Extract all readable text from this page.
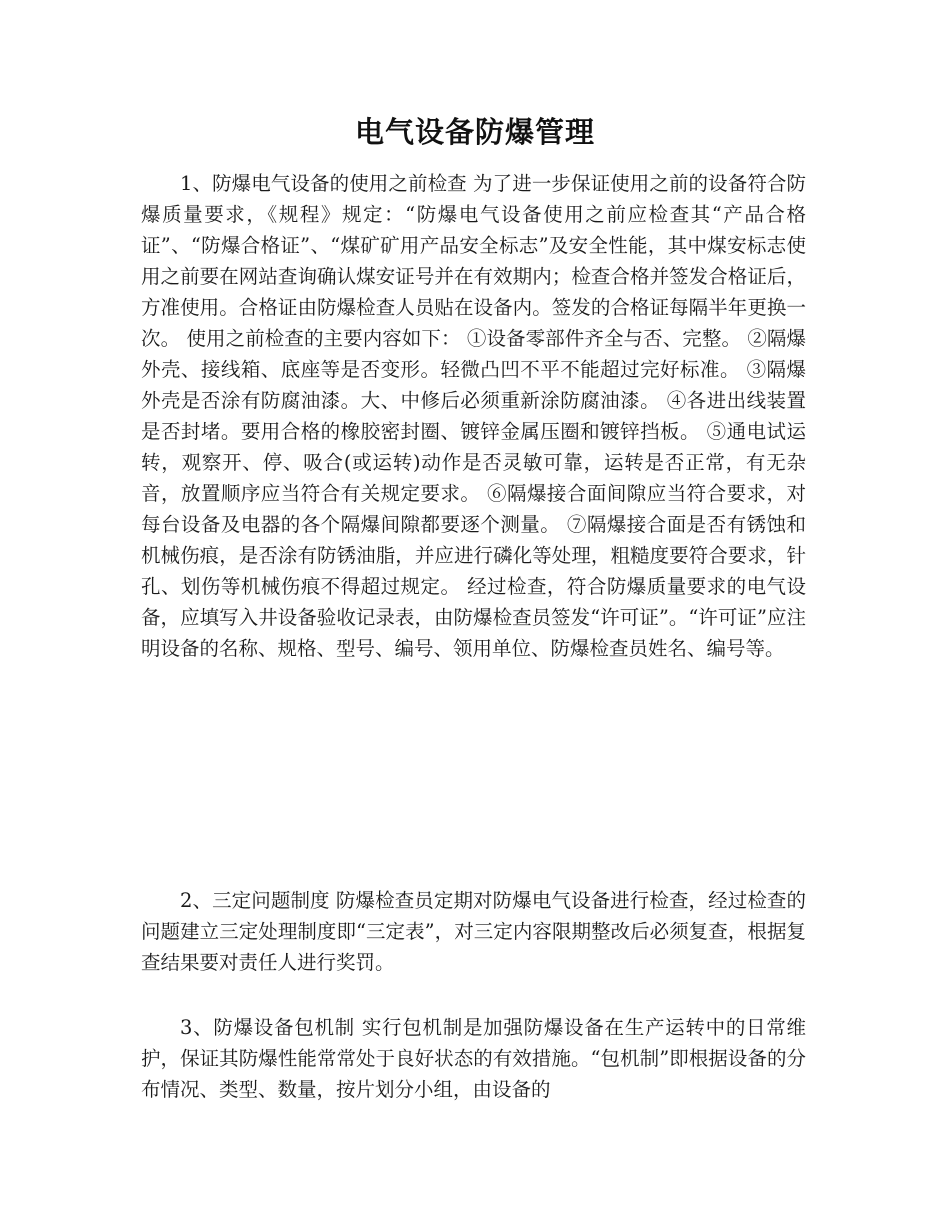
电气设备防爆管理

1、防爆电气设备的使用之前检查 为了进一步保证使用之前的设备符合防爆质量要求，《规程》规定：“防爆电气设备使用之前应检查其“产品合格证”、“防爆合格证”、“煤矿矿用产品安全标志”及安全性能，其中煤安标志使用之前要在网站查询确认煤安证号并在有效期内；检查合格并签发合格证后，方准使用。合格证由防爆检查人员贴在设备内。签发的合格证每隔半年更换一次。 使用之前检查的主要内容如下： ①设备零部件齐全与否、完整。 ②隔爆外壳、接线箱、底座等是否变形。轻微凸凹不平不能超过完好标准。 ③隔爆外壳是否涂有防腐油漆。大、中修后必须重新涂防腐油漆。 ④各进出线装置是否封堵。要用合格的橡胶密封圈、镀锌金属压圈和镀锌挡板。 ⑤通电试运转，观察开、停、吸合(或运转)动作是否灵敏可靠，运转是否正常，有无杂音，放置顺序应当符合有关规定要求。 ⑥隔爆接合面间隙应当符合要求，对每台设备及电器的各个隔爆间隙都要逐个测量。 ⑦隔爆接合面是否有锈蚀和机械伤痕，是否涂有防锈油脂，并应进行磷化等处理，粗糙度要符合要求，针孔、划伤等机械伤痕不得超过规定。 经过检查，符合防爆质量要求的电气设备，应填写入井设备验收记录表，由防爆检查员签发“许可证”。“许可证”应注明设备的名称、规格、型号、编号、领用单位、防爆检查员姓名、编号等。

2、三定问题制度 防爆检查员定期对防爆电气设备进行检查，经过检查的问题建立三定处理制度即“三定表”，对三定内容限期整改后必须复查，根据复查结果要对责任人进行奖罚。

3、防爆设备包机制 实行包机制是加强防爆设备在生产运转中的日常维护，保证其防爆性能常常处于良好状态的有效措施。“包机制”即根据设备的分布情况、类型、数量，按片划分小组，由设备的
